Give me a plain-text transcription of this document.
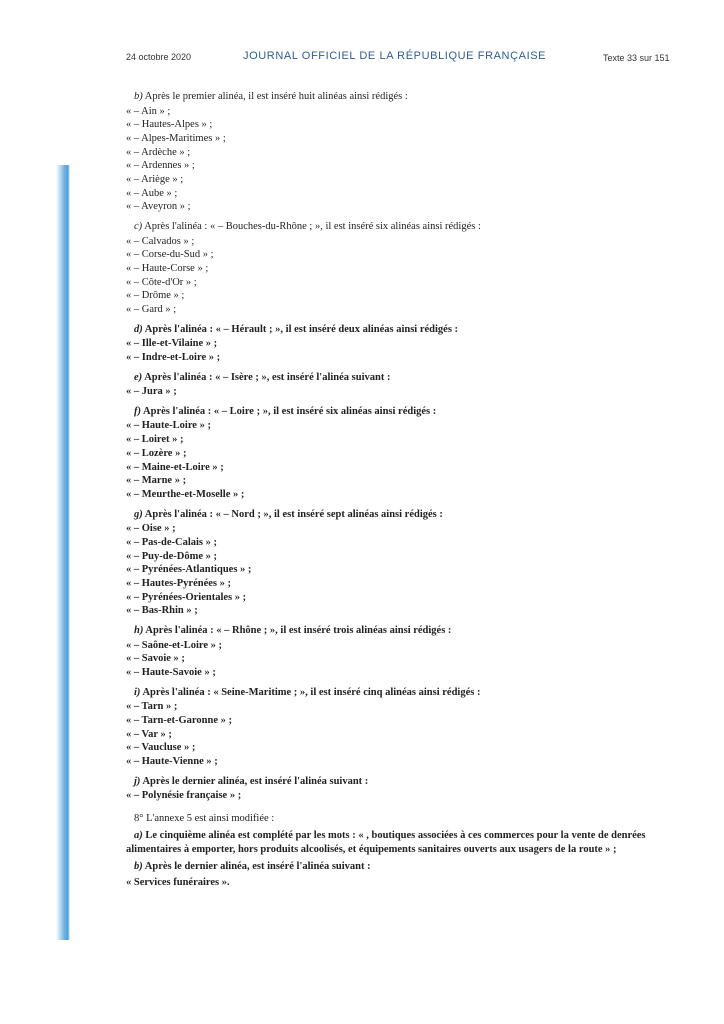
24 octobre 2020	JOURNAL OFFICIEL DE LA RÉPUBLIQUE FRANÇAISE	Texte 33 sur 151

b) Après le premier alinéa, il est inséré huit alinéas ainsi rédigés :

« – Ain » ;
« – Hautes-Alpes » ;
« – Alpes-Maritimes » ;
« – Ardèche » ;
« – Ardennes » ;
« – Ariège » ;
« – Aube » ;
« – Aveyron » ;

c) Après l'alinéa : « – Bouches-du-Rhône ; », il est inséré six alinéas ainsi rédigés :

« – Calvados » ;
« – Corse-du-Sud » ;
« – Haute-Corse » ;
« – Côte-d'Or » ;
« – Drôme » ;
« – Gard » ;

d) Après l'alinéa : « – Hérault ; », il est inséré deux alinéas ainsi rédigés :

« – Ille-et-Vilaine » ;
« – Indre-et-Loire » ;

e) Après l'alinéa : « – Isère ; », est inséré l'alinéa suivant :

« – Jura » ;

f) Après l'alinéa : « – Loire ; », il est inséré six alinéas ainsi rédigés :

« – Haute-Loire » ;
« – Loiret » ;
« – Lozère » ;
« – Maine-et-Loire » ;
« – Marne » ;
« – Meurthe-et-Moselle » ;

g) Après l'alinéa : « – Nord ; », il est inséré sept alinéas ainsi rédigés :

« – Oise » ;
« – Pas-de-Calais » ;
« – Puy-de-Dôme » ;
« – Pyrénées-Atlantiques » ;
« – Hautes-Pyrénées » ;
« – Pyrénées-Orientales » ;
« – Bas-Rhin » ;

h) Après l'alinéa : « – Rhône ; », il est inséré trois alinéas ainsi rédigés :

« – Saône-et-Loire » ;
« – Savoie » ;
« – Haute-Savoie » ;

i) Après l'alinéa : « Seine-Maritime ; », il est inséré cinq alinéas ainsi rédigés :

« – Tarn » ;
« – Tarn-et-Garonne » ;
« – Var » ;
« – Vaucluse » ;
« – Haute-Vienne » ;

j) Après le dernier alinéa, est inséré l'alinéa suivant :

« – Polynésie française » ;

8° L'annexe 5 est ainsi modifiée :

a) Le cinquième alinéa est complété par les mots : « , boutiques associées à ces commerces pour la vente de denrées alimentaires à emporter, hors produits alcoolisés, et équipements sanitaires ouverts aux usagers de la route » ;

b) Après le dernier alinéa, est inséré l'alinéa suivant :

« Services funéraires ».
